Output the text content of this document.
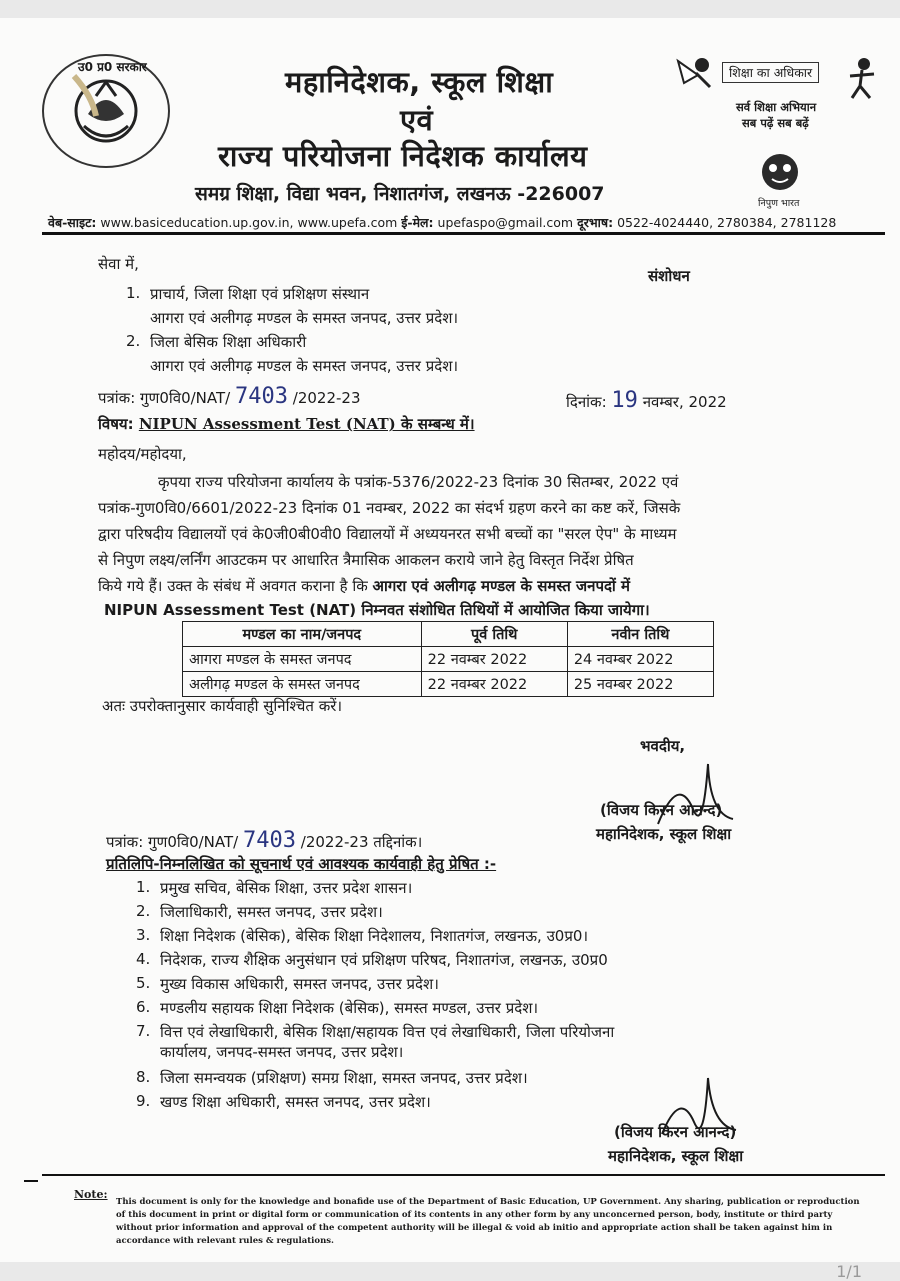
उ0 प्र0 सरकार	महानिदेशक, स्कूल शिक्षा
एवं
राज्य परियोजना निदेशक कार्यालय
समग्र शिक्षा, विद्या भवन, निशातगंज, लखनऊ -226007
शिक्षा का अधिकार
सर्व शिक्षा अभियान
सब पढ़ें सब बढ़ें
निपुण भारत
वेब-साइट: www.basiceducation.up.gov.in, www.upefa.com ई-मेल: upefaspo@gmail.com दूरभाष: 0522-4024440, 2780384, 2781128
सेवा में,
संशोधन
1. प्राचार्य, जिला शिक्षा एवं प्रशिक्षण संस्थान
आगरा एवं अलीगढ़ मण्डल के समस्त जनपद, उत्तर प्रदेश।
2. जिला बेसिक शिक्षा अधिकारी
आगरा एवं अलीगढ़ मण्डल के समस्त जनपद, उत्तर प्रदेश।
पत्रांक: गुण0वि0/NAT/ 7403 /2022-23	दिनांक: 19 नवम्बर, 2022
विषय: NIPUN Assessment Test (NAT) के सम्बन्ध में।
महोदय/महोदया,
कृपया राज्य परियोजना कार्यालय के पत्रांक-5376/2022-23 दिनांक 30 सितम्बर, 2022 एवं
पत्रांक-गुण0वि0/6601/2022-23 दिनांक 01 नवम्बर, 2022 का संदर्भ ग्रहण करने का कष्ट करें, जिसके
द्वारा परिषदीय विद्यालयों एवं के0जी0बी0वी0 विद्यालयों में अध्ययनरत सभी बच्चों का "सरल ऐप" के माध्यम
से निपुण लक्ष्य/लर्निंग आउटकम पर आधारित त्रैमासिक आकलन कराये जाने हेतु विस्तृत निर्देश प्रेषित
किये गये हैं। उक्त के संबंध में अवगत कराना है कि आगरा एवं अलीगढ़ मण्डल के समस्त जनपदों में
NIPUN Assessment Test (NAT) निम्नवत संशोधित तिथियों में आयोजित किया जायेगा।
मण्डल का नाम/जनपद	पूर्व तिथि	नवीन तिथि
आगरा मण्डल के समस्त जनपद	22 नवम्बर 2022	24 नवम्बर 2022
अलीगढ़ मण्डल के समस्त जनपद	22 नवम्बर 2022	25 नवम्बर 2022
अतः उपरोक्तानुसार कार्यवाही सुनिश्चित करें।
भवदीय,
(विजय किरन आनन्द)
महानिदेशक, स्कूल शिक्षा
पत्रांक: गुण0वि0/NAT/ 7403 /2022-23 तद्दिनांक।
प्रतिलिपि-निम्नलिखित को सूचनार्थ एवं आवश्यक कार्यवाही हेतु प्रेषित :-
1. प्रमुख सचिव, बेसिक शिक्षा, उत्तर प्रदेश शासन।
2. जिलाधिकारी, समस्त जनपद, उत्तर प्रदेश।
3. शिक्षा निदेशक (बेसिक), बेसिक शिक्षा निदेशालय, निशातगंज, लखनऊ, उ0प्र0।
4. निदेशक, राज्य शैक्षिक अनुसंधान एवं प्रशिक्षण परिषद, निशातगंज, लखनऊ, उ0प्र0
5. मुख्य विकास अधिकारी, समस्त जनपद, उत्तर प्रदेश।
6. मण्डलीय सहायक शिक्षा निदेशक (बेसिक), समस्त मण्डल, उत्तर प्रदेश।
7. वित्त एवं लेखाधिकारी, बेसिक शिक्षा/सहायक वित्त एवं लेखाधिकारी, जिला परियोजना
कार्यालय, जनपद-समस्त जनपद, उत्तर प्रदेश।
8. जिला समन्वयक (प्रशिक्षण) समग्र शिक्षा, समस्त जनपद, उत्तर प्रदेश।
9. खण्ड शिक्षा अधिकारी, समस्त जनपद, उत्तर प्रदेश।
(विजय किरन आनन्द)
महानिदेशक, स्कूल शिक्षा
Note:
This document is only for the knowledge and bonafide use of the Department of Basic Education, UP Government. Any sharing, publication or reproduction of this document in print or digital form or communication of its contents in any other form by any unconcerned person, body, institute or third party without prior information and approval of the competent authority will be illegal & void ab initio and appropriate action shall be taken against him in accordance with relevant rules & regulations.
1/1
